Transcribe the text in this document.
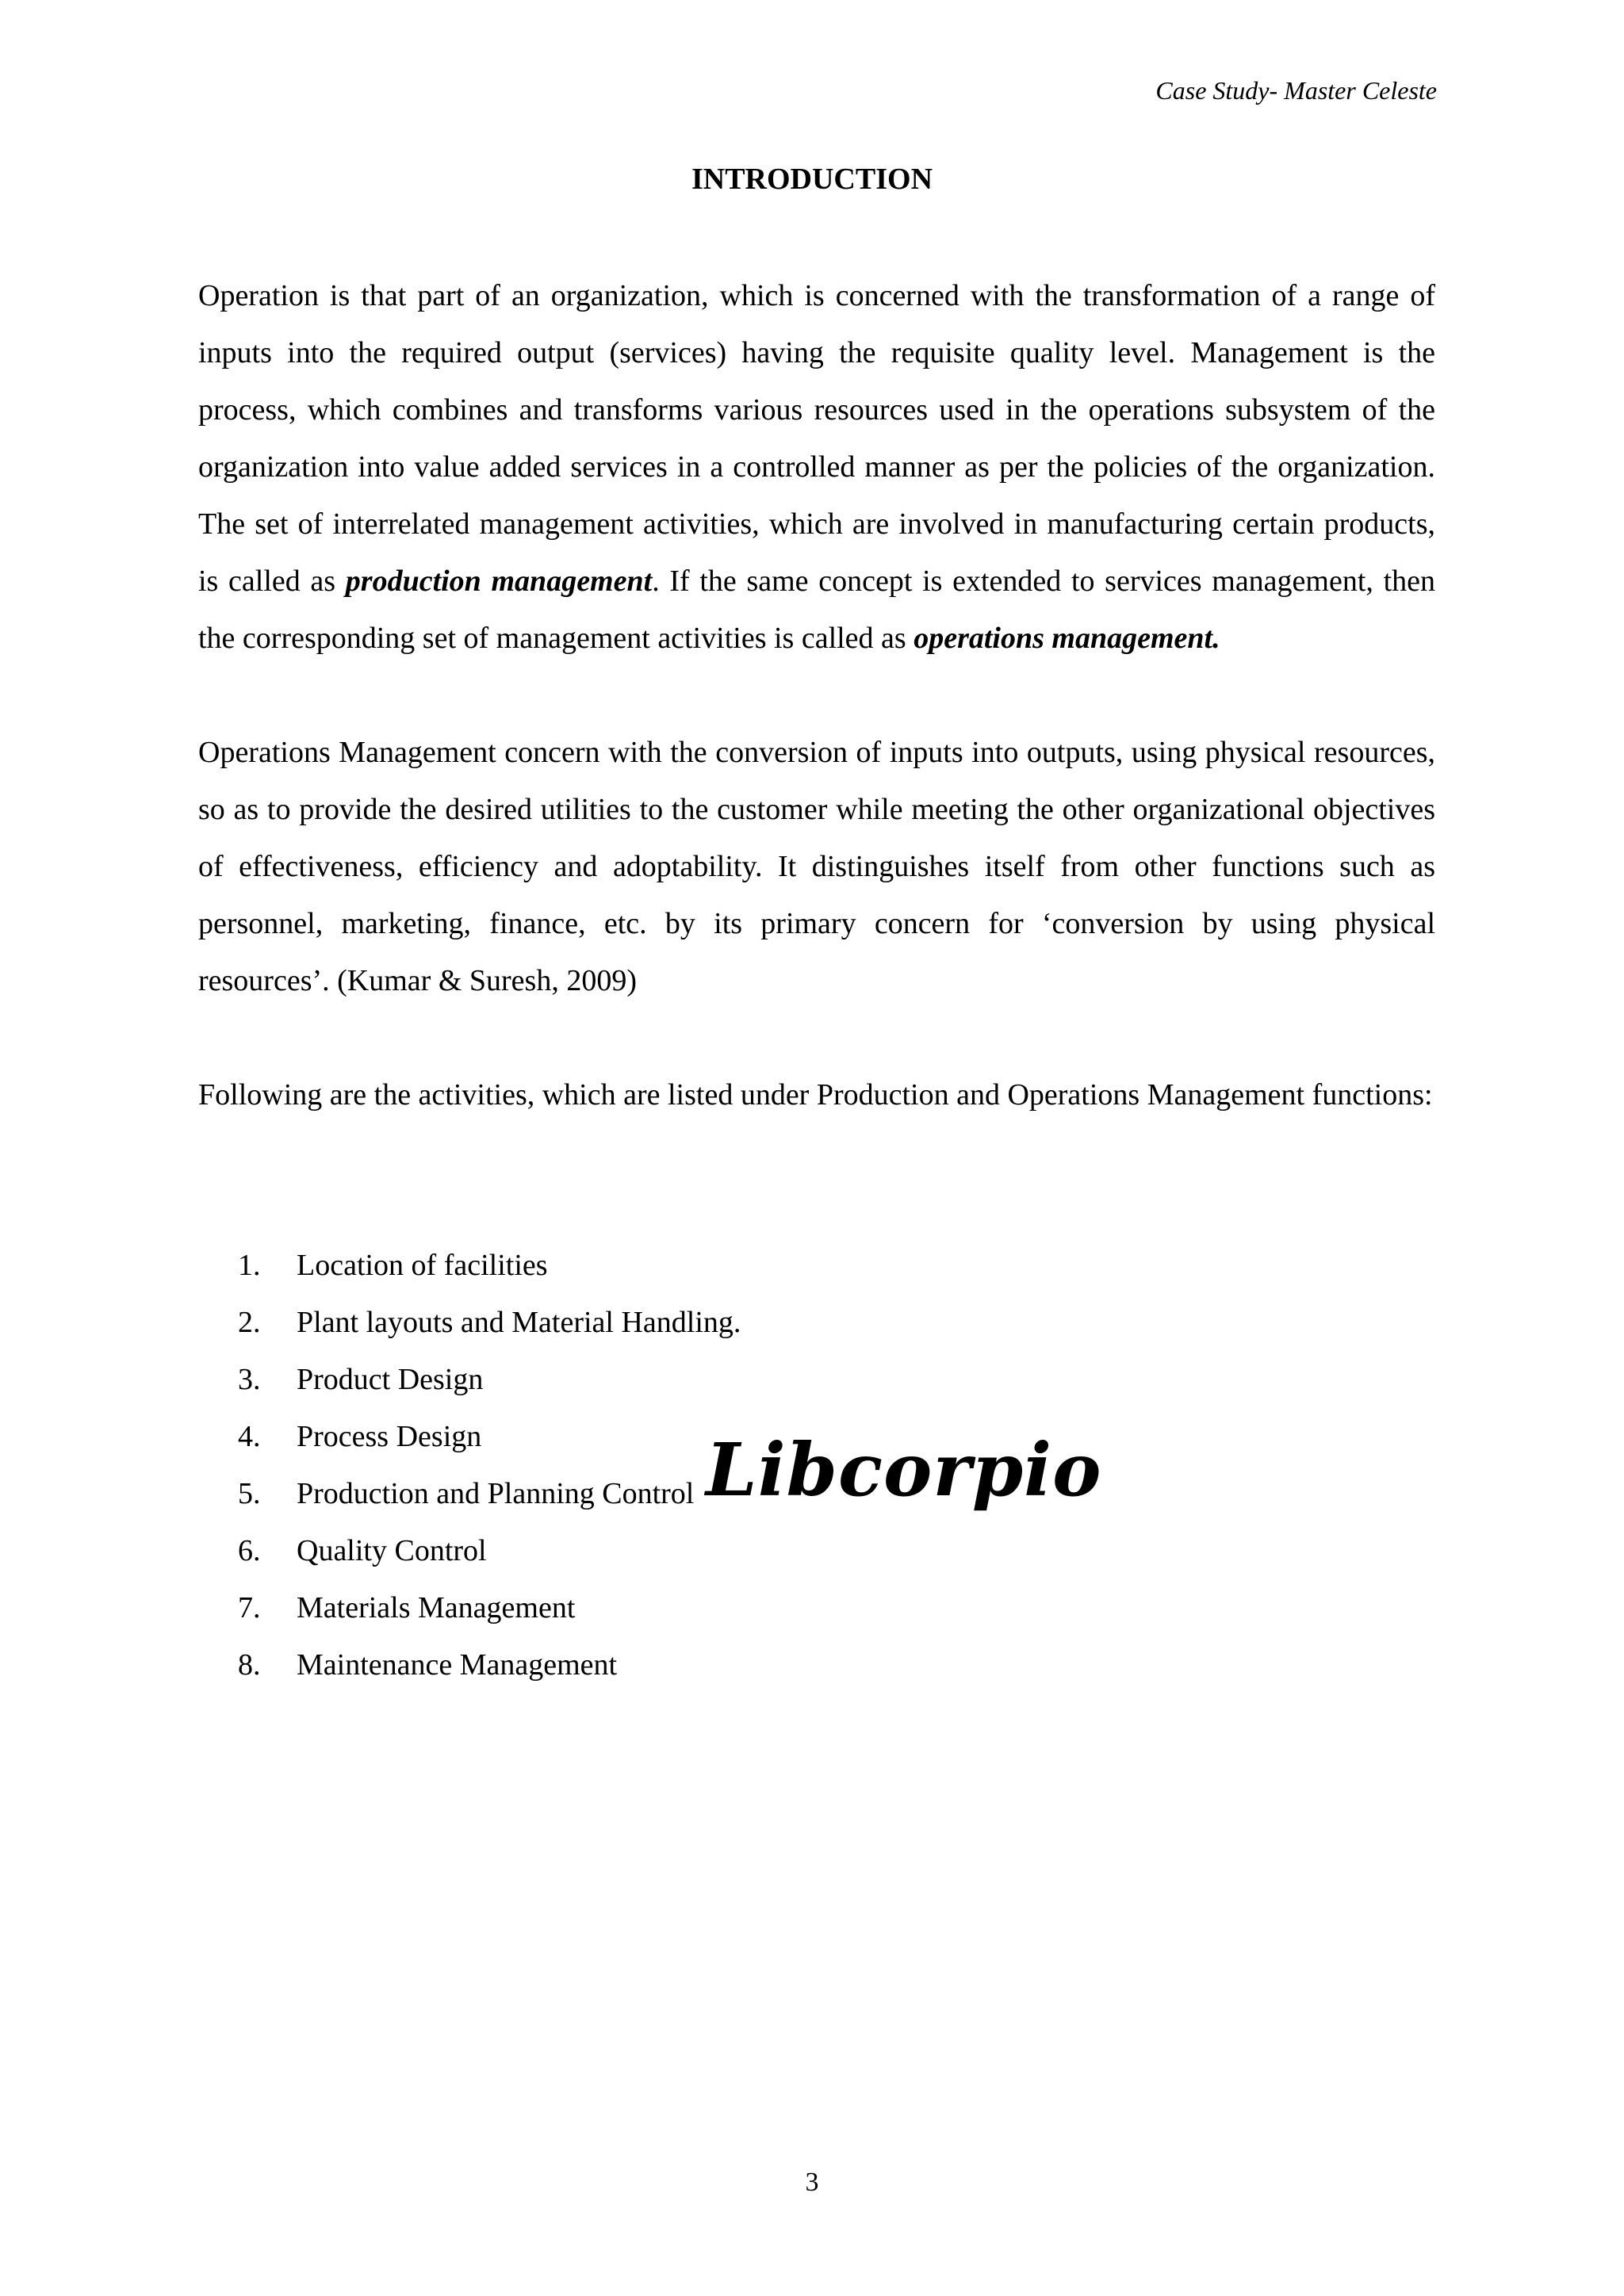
Case Study- Master Celeste
INTRODUCTION
Operation is that part of an organization, which is concerned with the transformation of a range of inputs into the required output (services) having the requisite quality level. Management is the process, which combines and transforms various resources used in the operations subsystem of the organization into value added services in a controlled manner as per the policies of the organization. The set of interrelated management activities, which are involved in manufacturing certain products, is called as production management. If the same concept is extended to services management, then the corresponding set of management activities is called as operations management.
Operations Management concern with the conversion of inputs into outputs, using physical resources, so as to provide the desired utilities to the customer while meeting the other organizational objectives of effectiveness, efficiency and adoptability. It distinguishes itself from other functions such as personnel, marketing, finance, etc. by its primary concern for ‘conversion by using physical resources’. (Kumar & Suresh, 2009)
Following are the activities, which are listed under Production and Operations Management functions:
1.	Location of facilities
2.	Plant layouts and Material Handling.
3.	Product Design
4.	Process Design
5.	Production and Planning Control
6.	Quality Control
7.	Materials Management
8.	Maintenance Management
Libcorpio
3
